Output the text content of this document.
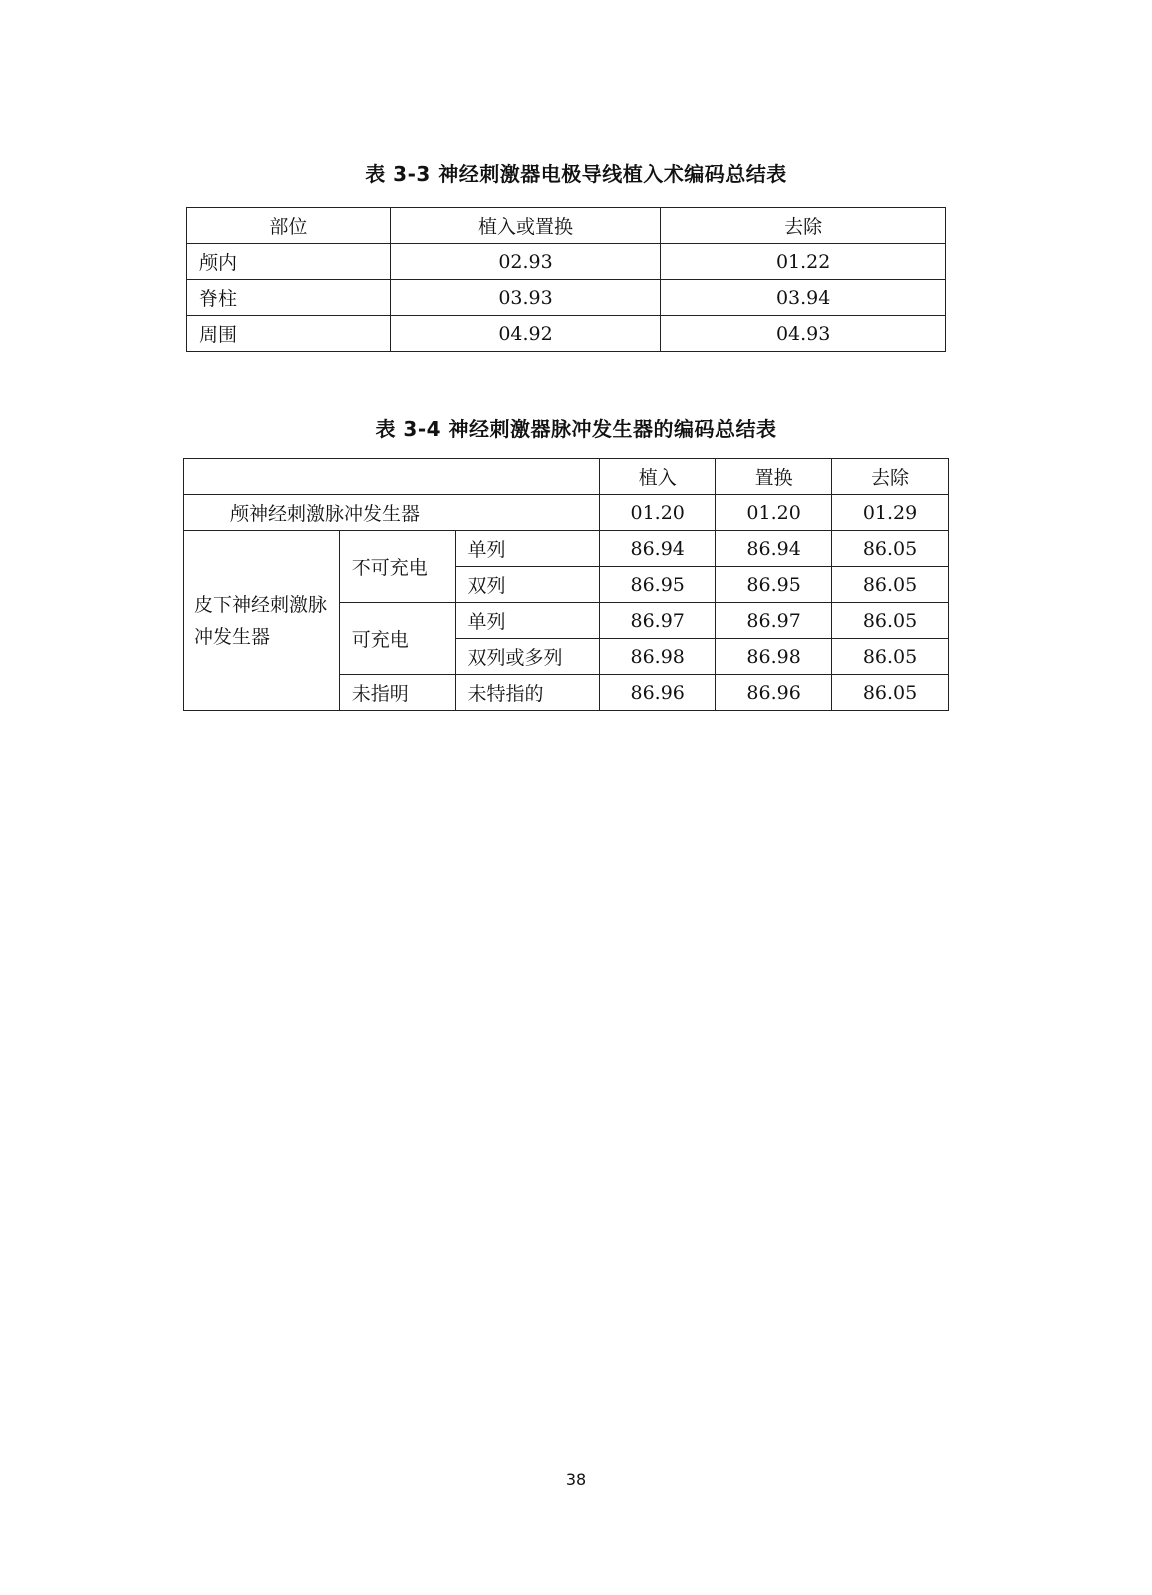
表 3-3 神经刺激器电极导线植入术编码总结表
部位	植入或置换	去除
颅内	02.93	01.22
脊柱	03.93	03.94
周围	04.92	04.93
表 3-4 神经刺激器脉冲发生器的编码总结表
			植入	置换	去除
颅神经刺激脉冲发生器			01.20	01.20	01.29
皮下神经刺激脉冲发生器	不可充电	单列	86.94	86.94	86.05
		双列	86.95	86.95	86.05
	可充电	单列	86.97	86.97	86.05
		双列或多列	86.98	86.98	86.05
	未指明	未特指的	86.96	86.96	86.05
38
